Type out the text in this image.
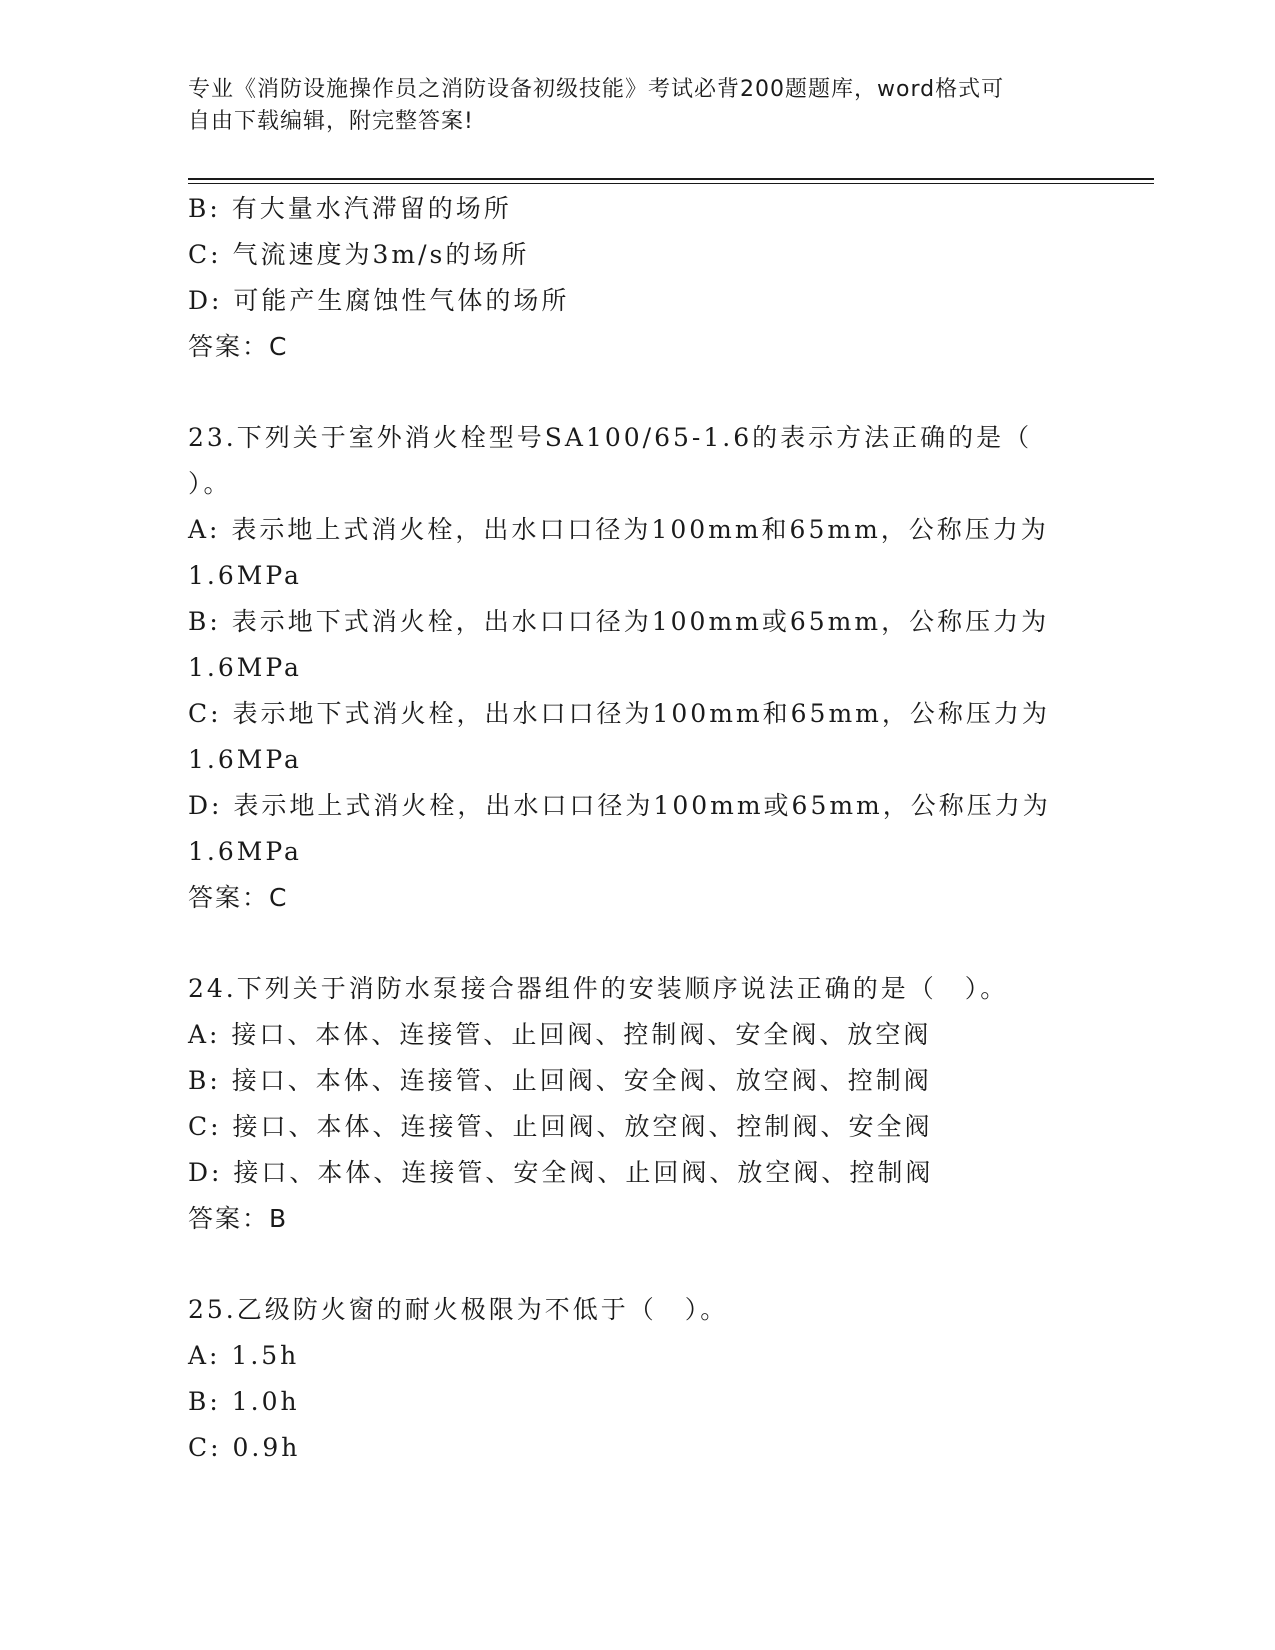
专业《消防设施操作员之消防设备初级技能》考试必背200题题库，word格式可
自由下载编辑，附完整答案!
B: 有大量水汽滞留的场所
C: 气流速度为3m/s的场所
D: 可能产生腐蚀性气体的场所
答案：C
23.下列关于室外消火栓型号SA100/65-1.6的表示方法正确的是（
）。
A: 表示地上式消火栓，出水口口径为100mm和65mm，公称压力为
1.6MPa
B: 表示地下式消火栓，出水口口径为100mm或65mm，公称压力为
1.6MPa
C: 表示地下式消火栓，出水口口径为100mm和65mm，公称压力为
1.6MPa
D: 表示地上式消火栓，出水口口径为100mm或65mm，公称压力为
1.6MPa
答案：C
24.下列关于消防水泵接合器组件的安装顺序说法正确的是（　）。
A: 接口、本体、连接管、止回阀、控制阀、安全阀、放空阀
B: 接口、本体、连接管、止回阀、安全阀、放空阀、控制阀
C: 接口、本体、连接管、止回阀、放空阀、控制阀、安全阀
D: 接口、本体、连接管、安全阀、止回阀、放空阀、控制阀
答案：B
25.乙级防火窗的耐火极限为不低于（　）。
A: 1.5h
B: 1.0h
C: 0.9h
